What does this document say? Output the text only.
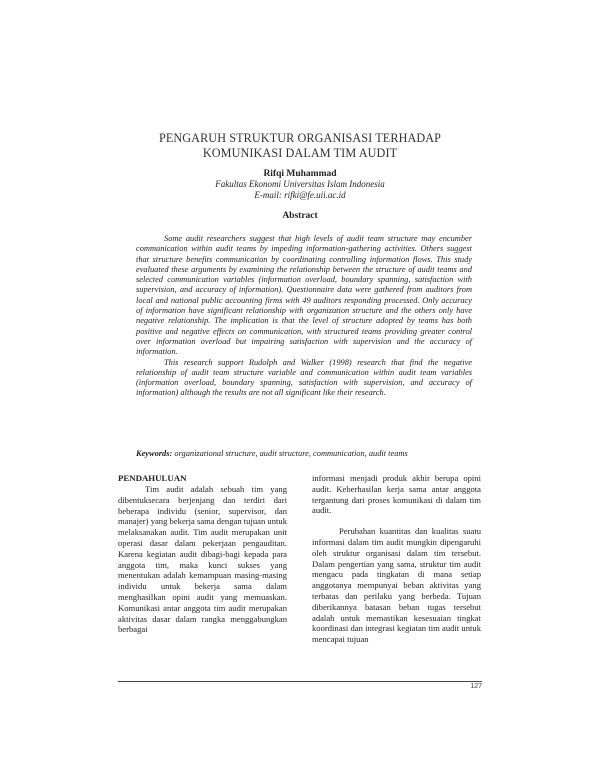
PENGARUH STRUKTUR ORGANISASI TERHADAP
KOMUNIKASI DALAM TIM AUDIT
Rifqi Muhammad
Fakultas Ekonomi Universitas Islam Indonesia
E-mail: rifki@fe.uii.ac.id
Abstract

Some audit researchers suggest that high levels of audit team structure may encumber communication within audit teams by impeding information-gathering activities. Others suggest that structure benefits communication by coordinating controlling information flows. This study evaluated these arguments by examining the relationship between the structure of audit teams and selected communication variables (information overload, boundary spanning, satisfaction with supervision, and accuracy of information). Questionnaire data were gathered from auditors from local and national public accounting firms with 49 auditors responding processed. Only accuracy of information have significant relationship with organization structure and the others only have negative relationship. The implication is that the level of structure adopted by teams has both positive and negative effects on communication, with structured teams providing greater control over information overload but impairing satisfaction with supervision and the accuracy of information.

This research support Rudolph and Walker (1998) research that find the negative relationship of audit team structure variable and communication within audit team variables (information overload, boundary spanning, satisfaction with supervision, and accuracy of information) although the results are not all significant like their research.

Keywords: organizational structure, audit structure, communication, audit teams
PENDAHULUAN

Tim audit adalah sebuah tim yang dibentuksecara berjenjang dan terdiri dari beberapa individu (senior, supervisor, dan manajer) yang bekerja sama dengan tujuan untuk melaksanakan audit. Tim audit merupakan unit operasi dasar dalam pekerjaan pengauditan. Karena kegiatan audit dibagi-bagi kepada para anggota tim, maka kunci sukses yang menentukan adalah kemampuan masing-masing individu untuk bekerja sama dalam menghasilkan opini audit yang memuaskan. Komunikasi antar anggota tim audit merupakan aktivitas dasar dalam rangka menggabungkan berbagai

informasi menjadi produk akhir berupa opini audit. Keberhasilan kerja sama antar anggota tergantung dari proses komunikasi di dalam tim audit.

Perubahan kuantitas dan kualitas suatu informasi dalam tim audit mungkin dipengaruhi oleh struktur organisasi dalam tim tersebut. Dalam pengertian yang sama, struktur tim audit mengacu pada tingkatan di mana setiap anggotanya mempunyai beban aktivitas yang terbatas dan perilaku yang berbeda. Tujuan diberikannya batasan beban tugas tersebut adalah untuk memastikan kesesuaian tingkat koordinasi dan integrasi kegiatan tim audit untuk mencapai tujuan

127
